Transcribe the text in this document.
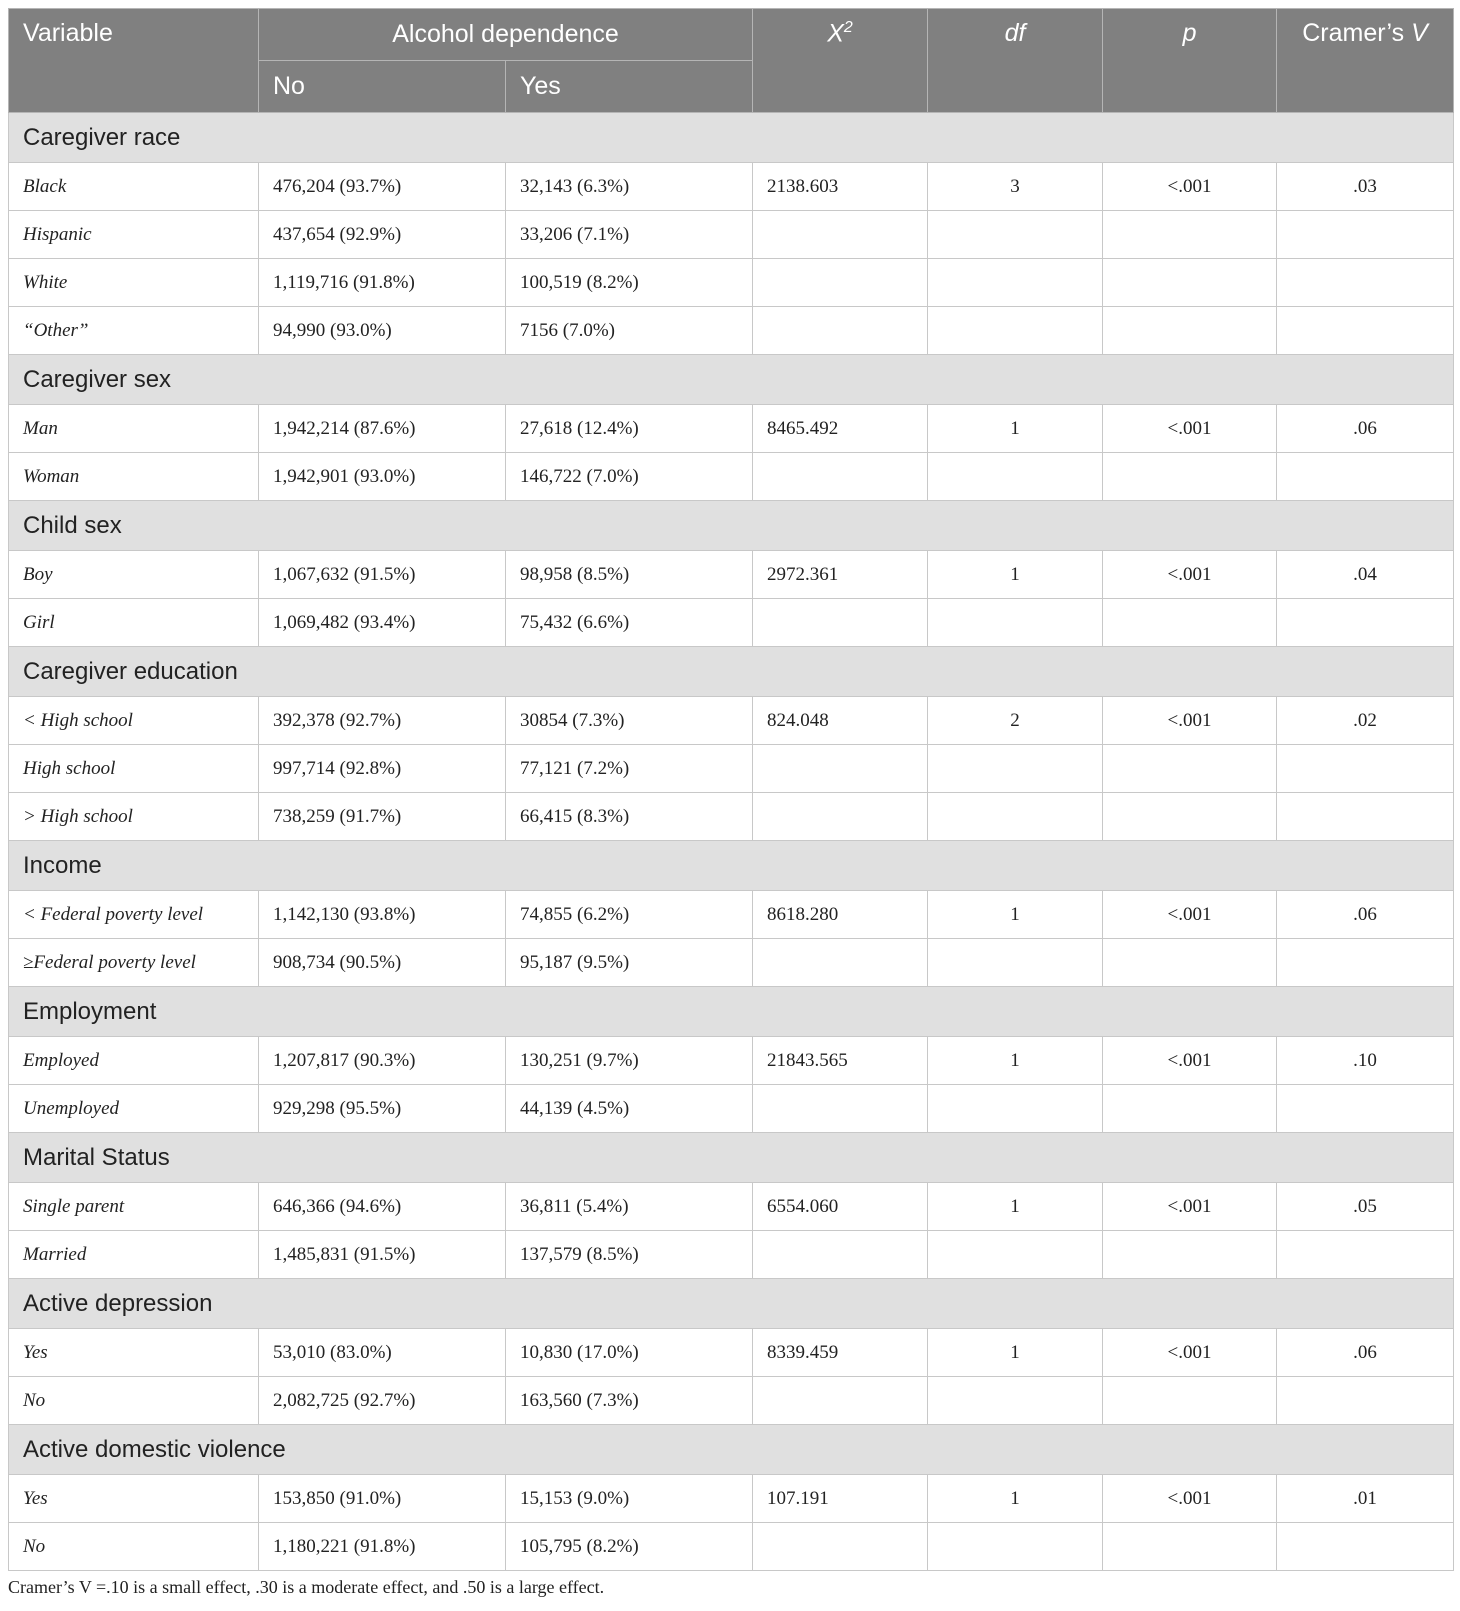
Variable	Alcohol dependence		$X^2$	df	p	Cramer’s V
	No	Yes				
Caregiver race						
Black	476,204 (93.7%)	32,143 (6.3%)	2138.603	3	<.001	.03
Hispanic	437,654 (92.9%)	33,206 (7.1%)				
White	1,119,716 (91.8%)	100,519 (8.2%)				
“Other”	94,990 (93.0%)	7156 (7.0%)				
Caregiver sex						
Man	1,942,214 (87.6%)	27,618 (12.4%)	8465.492	1	<.001	.06
Woman	1,942,901 (93.0%)	146,722 (7.0%)				
Child sex						
Boy	1,067,632 (91.5%)	98,958 (8.5%)	2972.361	1	<.001	.04
Girl	1,069,482 (93.4%)	75,432 (6.6%)				
Caregiver education						
< High school	392,378 (92.7%)	30854 (7.3%)	824.048	2	<.001	.02
High school	997,714 (92.8%)	77,121 (7.2%)				
> High school	738,259 (91.7%)	66,415 (8.3%)				
Income						
< Federal poverty level	1,142,130 (93.8%)	74,855 (6.2%)	8618.280	1	<.001	.06
≥Federal poverty level	908,734 (90.5%)	95,187 (9.5%)				
Employment						
Employed	1,207,817 (90.3%)	130,251 (9.7%)	21843.565	1	<.001	.10
Unemployed	929,298 (95.5%)	44,139 (4.5%)				
Marital Status						
Single parent	646,366 (94.6%)	36,811 (5.4%)	6554.060	1	<.001	.05
Married	1,485,831 (91.5%)	137,579 (8.5%)				
Active depression						
Yes	53,010 (83.0%)	10,830 (17.0%)	8339.459	1	<.001	.06
No	2,082,725 (92.7%)	163,560 (7.3%)				
Active domestic violence						
Yes	153,850 (91.0%)	15,153 (9.0%)	107.191	1	<.001	.01
No	1,180,221 (91.8%)	105,795 (8.2%)				
Cramer’s V =.10 is a small effect, .30 is a moderate effect, and .50 is a large effect.
